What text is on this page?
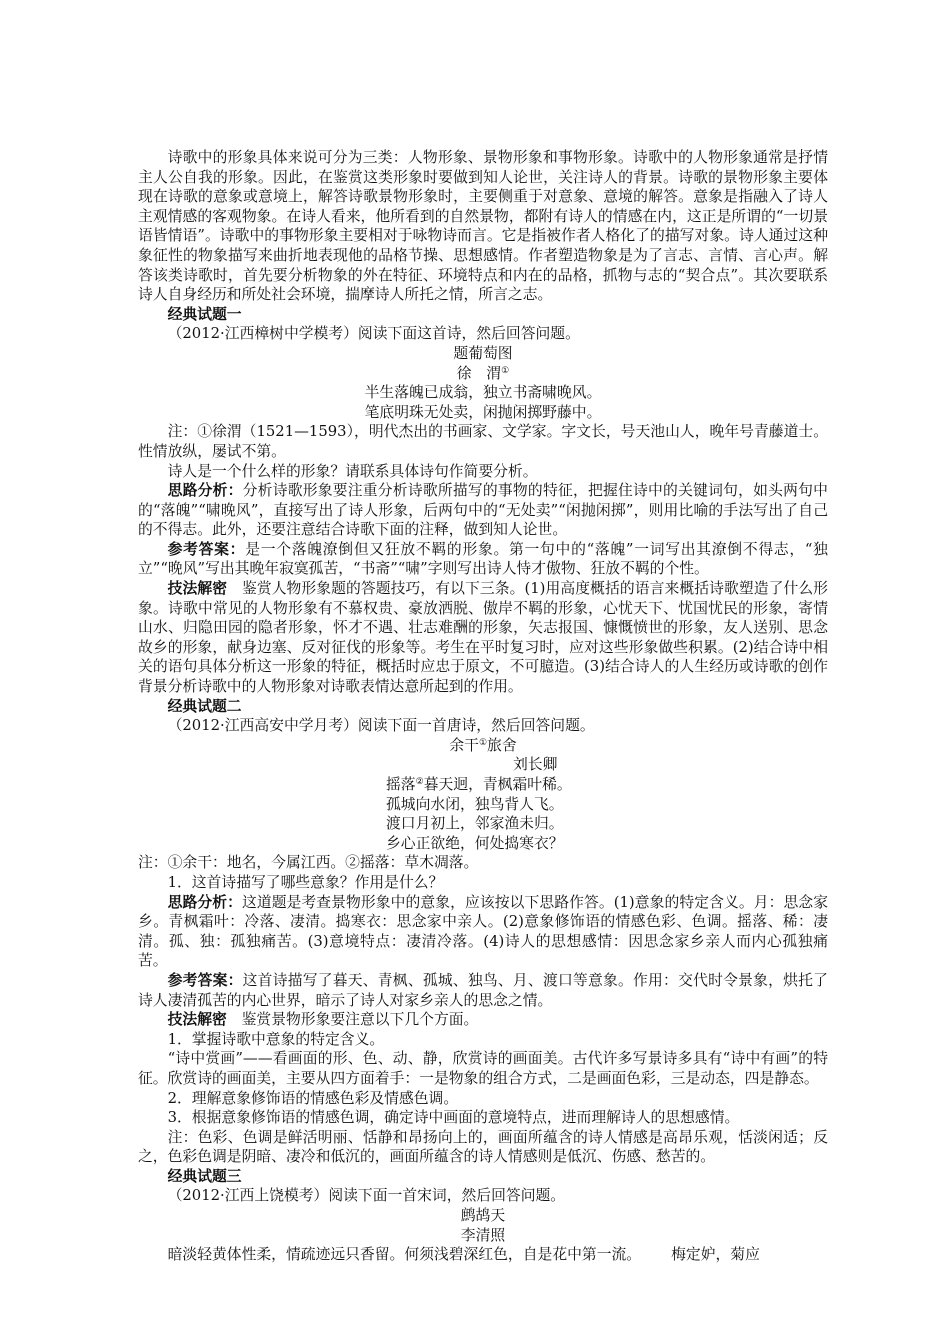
诗歌中的形象具体来说可分为三类：人物形象、景物形象和事物形象。诗歌中的人物形象通常是抒情主人公自我的形象。因此，在鉴赏这类形象时要做到知人论世，关注诗人的背景。诗歌的景物形象主要体现在诗歌的意象或意境上，解答诗歌景物形象时，主要侧重于对意象、意境的解答。意象是指融入了诗人主观情感的客观物象。在诗人看来，他所看到的自然景物，都附有诗人的情感在内，这正是所谓的“一切景语皆情语”。诗歌中的事物形象主要相对于咏物诗而言。它是指被作者人格化了的描写对象。诗人通过这种象征性的物象描写来曲折地表现他的品格节操、思想感情。作者塑造物象是为了言志、言情、言心声。解答该类诗歌时，首先要分析物象的外在特征、环境特点和内在的品格，抓物与志的“契合点”。其次要联系诗人自身经历和所处社会环境，揣摩诗人所托之情，所言之志。

经典试题一

（2012·江西樟树中学模考）阅读下面这首诗，然后回答问题。

题葡萄图

徐　渭①

半生落魄已成翁，独立书斋啸晚风。

笔底明珠无处卖，闲抛闲掷野藤中。

注：①徐渭（1521—1593），明代杰出的书画家、文学家。字文长，号天池山人，晚年号青藤道士。性情放纵，屡试不第。

诗人是一个什么样的形象？请联系具体诗句作简要分析。

思路分析：分析诗歌形象要注重分析诗歌所描写的事物的特征，把握住诗中的关键词句，如头两句中的“落魄”“啸晚风”，直接写出了诗人形象，后两句中的“无处卖”“闲抛闲掷”，则用比喻的手法写出了自己的不得志。此外，还要注意结合诗歌下面的注释，做到知人论世。

参考答案：是一个落魄潦倒但又狂放不羁的形象。第一句中的“落魄”一词写出其潦倒不得志，“独立”“晚风”写出其晚年寂寞孤苦，“书斋”“啸”字则写出诗人恃才傲物、狂放不羁的个性。

技法解密　鉴赏人物形象题的答题技巧，有以下三条。(1)用高度概括的语言来概括诗歌塑造了什么形象。诗歌中常见的人物形象有不慕权贵、豪放洒脱、傲岸不羁的形象，心忧天下、忧国忧民的形象，寄情山水、归隐田园的隐者形象，怀才不遇、壮志难酬的形象，矢志报国、慷慨愤世的形象，友人送别、思念故乡的形象，献身边塞、反对征伐的形象等。考生在平时复习时，应对这些形象做些积累。(2)结合诗中相关的语句具体分析这一形象的特征，概括时应忠于原文，不可臆造。(3)结合诗人的人生经历或诗歌的创作背景分析诗歌中的人物形象对诗歌表情达意所起到的作用。

经典试题二

（2012·江西高安中学月考）阅读下面一首唐诗，然后回答问题。

余干①旅舍

刘长卿

摇落②暮天迥，青枫霜叶稀。

孤城向水闭，独鸟背人飞。

渡口月初上，邻家渔未归。

乡心正欲绝，何处捣寒衣？

注：①余干：地名，今属江西。②摇落：草木凋落。

1．这首诗描写了哪些意象？作用是什么？

思路分析：这道题是考查景物形象中的意象，应该按以下思路作答。(1)意象的特定含义。月：思念家乡。青枫霜叶：冷落、凄清。捣寒衣：思念家中亲人。(2)意象修饰语的情感色彩、色调。摇落、稀：凄清。孤、独：孤独痛苦。(3)意境特点：凄清冷落。(4)诗人的思想感情：因思念家乡亲人而内心孤独痛苦。

参考答案：这首诗描写了暮天、青枫、孤城、独鸟、月、渡口等意象。作用：交代时令景象，烘托了诗人凄清孤苦的内心世界，暗示了诗人对家乡亲人的思念之情。

技法解密　鉴赏景物形象要注意以下几个方面。

1．掌握诗歌中意象的特定含义。

“诗中赏画”——看画面的形、色、动、静，欣赏诗的画面美。古代许多写景诗多具有“诗中有画”的特征。欣赏诗的画面美，主要从四方面着手：一是物象的组合方式，二是画面色彩，三是动态，四是静态。

2．理解意象修饰语的情感色彩及情感色调。

3．根据意象修饰语的情感色调，确定诗中画面的意境特点，进而理解诗人的思想感情。

注：色彩、色调是鲜活明丽、恬静和昂扬向上的，画面所蕴含的诗人情感是高昂乐观，恬淡闲适；反之，色彩色调是阴暗、凄冷和低沉的，画面所蕴含的诗人情感则是低沉、伤感、愁苦的。

经典试题三

（2012·江西上饶模考）阅读下面一首宋词，然后回答问题。

鹧鸪天

李清照

暗淡轻黄体性柔，情疏迹远只香留。何须浅碧深红色，自是花中第一流。 梅定妒，菊应
